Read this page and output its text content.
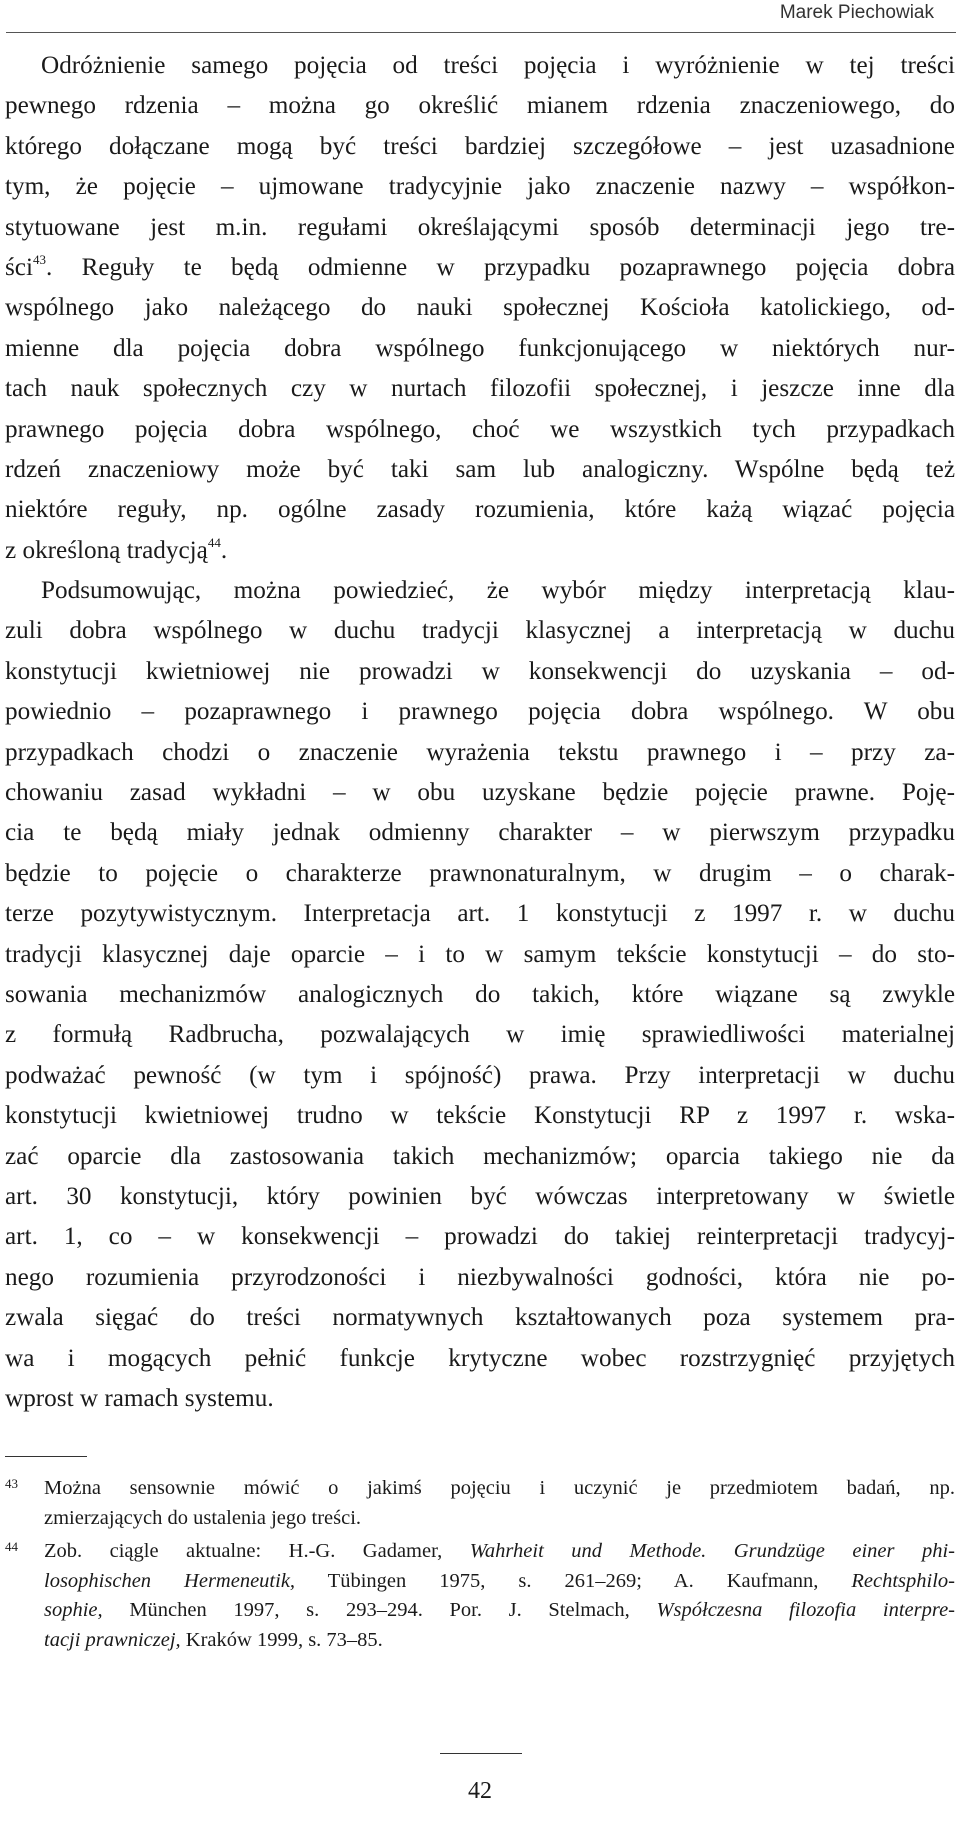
Marek Piechowiak
Odróżnienie samego pojęcia od treści pojęcia i wyróżnienie w tej treści
pewnego rdzenia – można go określić mianem rdzenia znaczeniowego, do
którego dołączane mogą być treści bardziej szczegółowe – jest uzasadnione
tym, że pojęcie – ujmowane tradycyjnie jako znaczenie nazwy – współkon-
stytuowane jest m.in. regułami określającymi sposób determinacji jego tre-
ści$^{43}$. Reguły te będą odmienne w przypadku pozaprawnego pojęcia dobra
wspólnego jako należącego do nauki społecznej Kościoła katolickiego, od-
mienne dla pojęcia dobra wspólnego funkcjonującego w niektórych nur-
tach nauk społecznych czy w nurtach filozofii społecznej, i jeszcze inne dla
prawnego pojęcia dobra wspólnego, choć we wszystkich tych przypadkach
rdzeń znaczeniowy może być taki sam lub analogiczny. Wspólne będą też
niektóre reguły, np. ogólne zasady rozumienia, które każą wiązać pojęcia
z określoną tradycją$^{44}$.
Podsumowując, można powiedzieć, że wybór między interpretacją klau-
zuli dobra wspólnego w duchu tradycji klasycznej a interpretacją w duchu
konstytucji kwietniowej nie prowadzi w konsekwencji do uzyskania – od-
powiednio – pozaprawnego i prawnego pojęcia dobra wspólnego. W obu
przypadkach chodzi o znaczenie wyrażenia tekstu prawnego i – przy za-
chowaniu zasad wykładni – w obu uzyskane będzie pojęcie prawne. Poję-
cia te będą miały jednak odmienny charakter – w pierwszym przypadku
będzie to pojęcie o charakterze prawnonaturalnym, w drugim – o charak-
terze pozytywistycznym. Interpretacja art. 1 konstytucji z 1997 r. w duchu
tradycji klasycznej daje oparcie – i to w samym tekście konstytucji – do sto-
sowania mechanizmów analogicznych do takich, które wiązane są zwykle
z formułą Radbrucha, pozwalających w imię sprawiedliwości materialnej
podważać pewność (w tym i spójność) prawa. Przy interpretacji w duchu
konstytucji kwietniowej trudno w tekście Konstytucji RP z 1997 r. wska-
zać oparcie dla zastosowania takich mechanizmów; oparcia takiego nie da
art. 30 konstytucji, który powinien być wówczas interpretowany w świetle
art. 1, co – w konsekwencji – prowadzi do takiej reinterpretacji tradycyj-
nego rozumienia przyrodzoności i niezbywalności godności, która nie po-
zwala sięgać do treści normatywnych kształtowanych poza systemem pra-
wa i mogących pełnić funkcje krytyczne wobec rozstrzygnięć przyjętych
wprost w ramach systemu.
43	Można sensownie mówić o jakimś pojęciu i uczynić je przedmiotem badań, np.
zmierzających do ustalenia jego treści.
44	Zob. ciągle aktualne: H.-G. Gadamer, Wahrheit und Methode. Grundzüge einer phi-
losophischen Hermeneutik, Tübingen 1975, s. 261–269; A. Kaufmann, Rechtsphilo-
sophie, München 1997, s. 293–294. Por. J. Stelmach, Współczesna filozofia interpre-
tacji prawniczej, Kraków 1999, s. 73–85.
42
